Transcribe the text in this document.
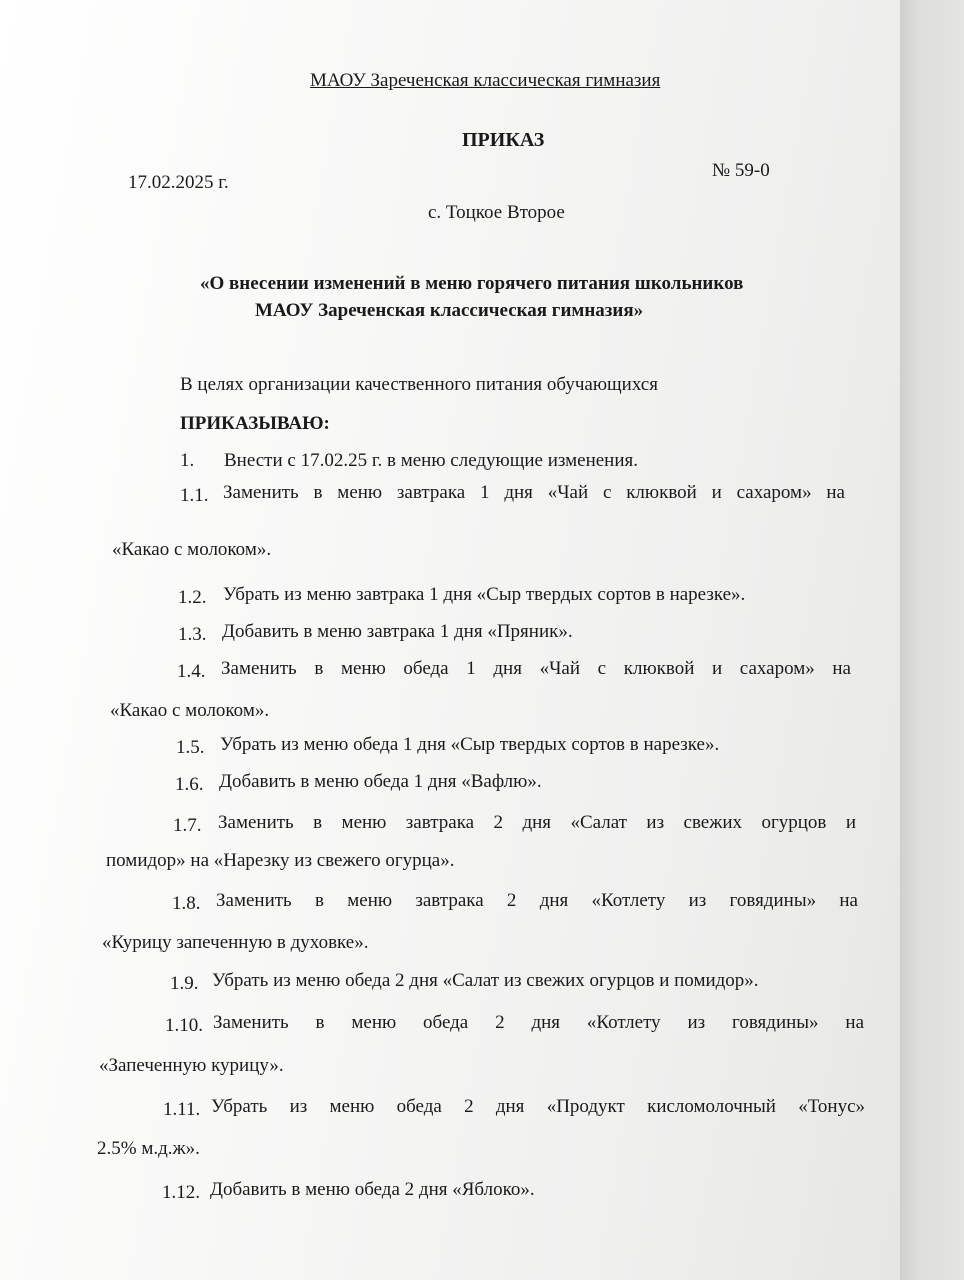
МАОУ Зареченская классическая гимназия
ПРИКАЗ
17.02.2025 г.
№ 59-0
с. Тоцкое Второе
«О внесении изменений в меню горячего питания школьников
МАОУ Зареченская классическая гимназия»
В целях организации качественного питания обучающихся
ПРИКАЗЫВАЮ:
1. Внести с 17.02.25 г. в меню следующие изменения.
1.1. Заменить в меню завтрака 1 дня «Чай с клюквой и сахаром» на
«Какао с молоком».
1.2. Убрать из меню завтрака 1 дня «Сыр твердых сортов в нарезке».
1.3. Добавить в меню завтрака 1 дня «Пряник».
1.4. Заменить в меню обеда 1 дня «Чай с клюквой и сахаром» на
«Какао с молоком».
1.5. Убрать из меню обеда 1 дня «Сыр твердых сортов в нарезке».
1.6. Добавить в меню обеда 1 дня «Вафлю».
1.7. Заменить в меню завтрака 2 дня «Салат из свежих огурцов и
помидор» на «Нарезку из свежего огурца».
1.8. Заменить в меню завтрака 2 дня «Котлету из говядины» на
«Курицу запеченную в духовке».
1.9. Убрать из меню обеда 2 дня «Салат из свежих огурцов и помидор».
1.10. Заменить в меню обеда 2 дня «Котлету из говядины» на
«Запеченную курицу».
1.11. Убрать из меню обеда 2 дня «Продукт кисломолочный «Тонус»
2.5% м.д.ж».
1.12. Добавить в меню обеда 2 дня «Яблоко».
